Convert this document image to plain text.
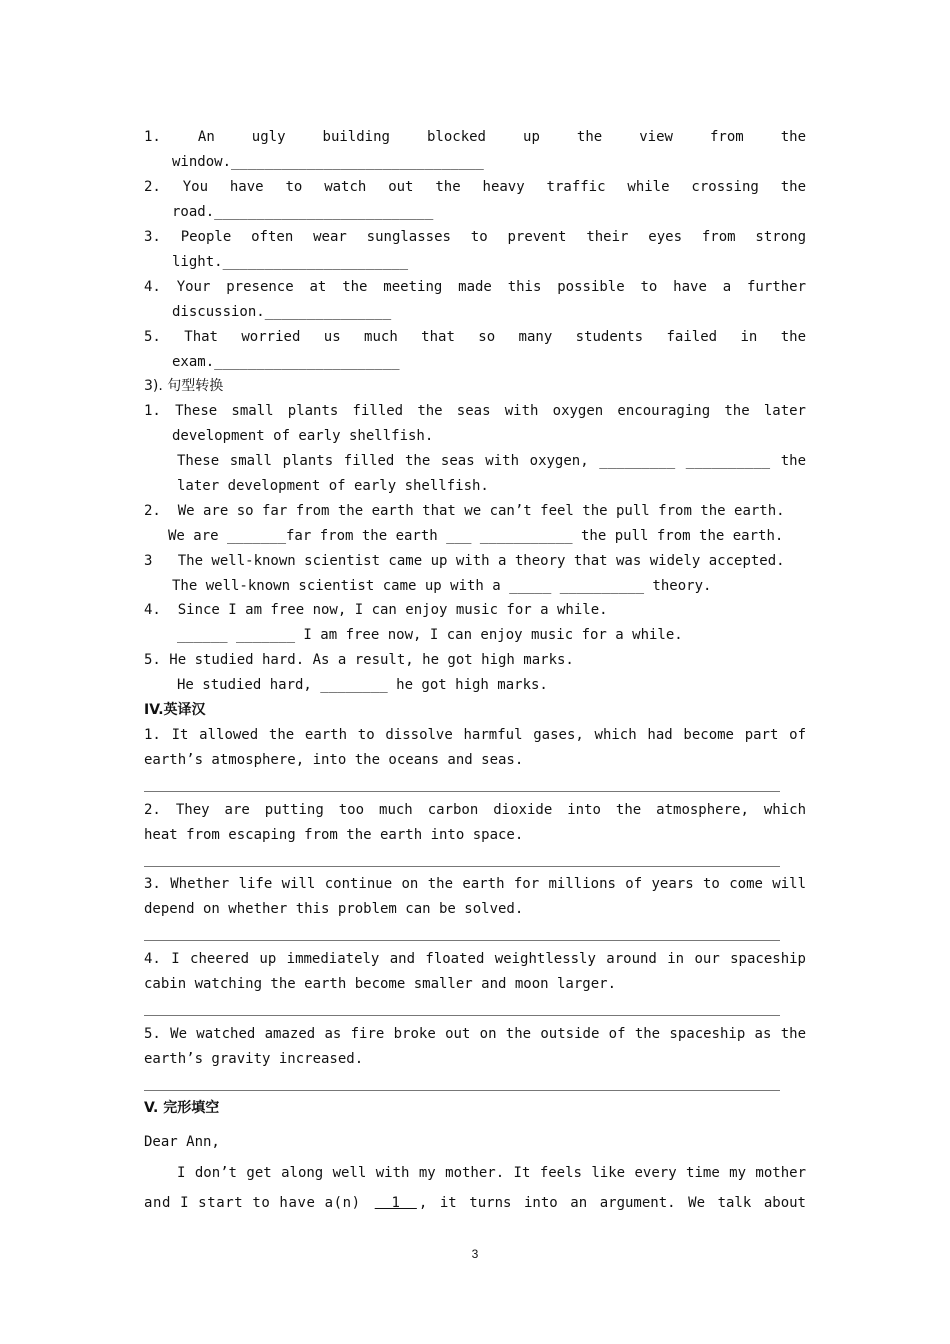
1. An ugly building blocked up the view from the
window.______________________________
2. You have to watch out the heavy traffic while crossing the
road.__________________________
3. People often wear sunglasses to prevent their eyes from strong
light.______________________
4. Your presence at the meeting made this possible to have a further
discussion._______________
5. That worried us much that so many students failed in the
exam.______________________
3). 句型转换
1. These small plants filled the seas with oxygen encouraging the later
development of early shellfish.
These small plants filled the seas with oxygen, _________ __________ the
later development of early shellfish.
2.  We are so far from the earth that we can’t feel the pull from the earth.
We are _______far from the earth ___ ___________ the pull from the earth.
3   The well-known scientist came up with a theory that was widely accepted.
The well-known scientist came up with a _____ __________ theory.
4.  Since I am free now, I can enjoy music for a while.
______ _______ I am free now, I can enjoy music for a while.
5. He studied hard. As a result, he got high marks.
He studied hard, ________ he got high marks.
IV.英译汉
1. It allowed the earth to dissolve harmful gases, which had become part of
earth’s atmosphere, into the oceans and seas.
2. They are putting too much carbon dioxide into the atmosphere, which
heat from escaping from the earth into space.
3. Whether life will continue on the earth for millions of years to come will
depend on whether this problem can be solved.
4. I cheered up immediately and floated weightlessly around in our spaceship
cabin watching the earth become smaller and moon larger.
5. We watched amazed as fire broke out on the outside of the spaceship as the
earth’s gravity increased.
V. 完形填空
Dear Ann,
I don’t get along well with my mother. It feels like every time my mother
and I start to have a(n) 1 , it turns into an argument. We talk about
3
